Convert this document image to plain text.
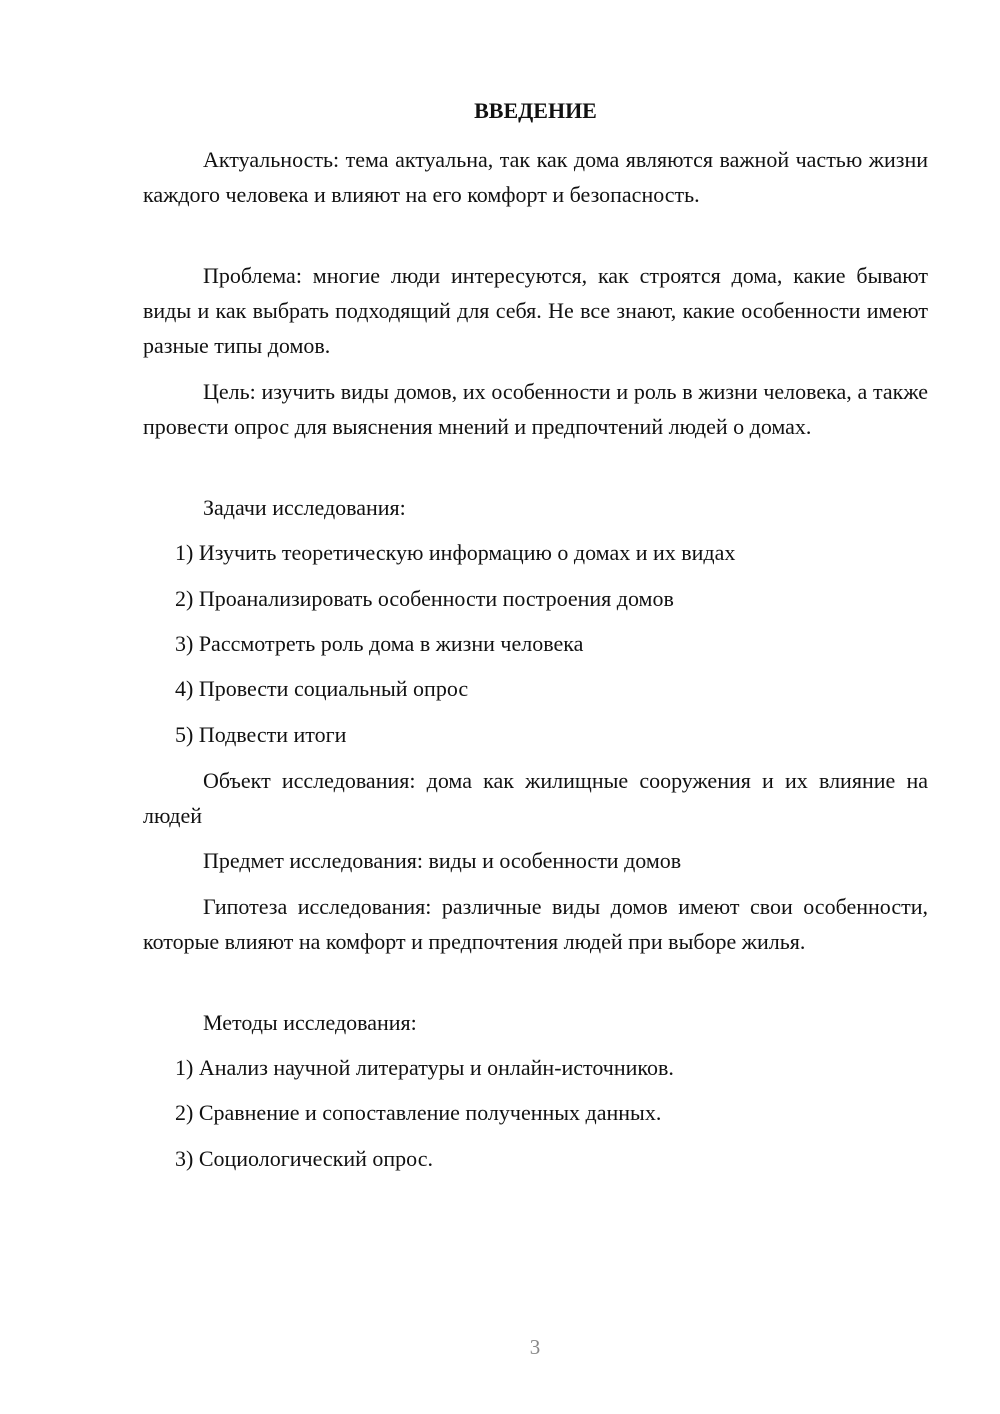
ВВЕДЕНИЕ

Актуальность: тема актуальна, так как дома являются важной частью жизни каждого человека и влияют на его комфорт и безопасность.

Проблема: многие люди интересуются, как строятся дома, какие бывают виды и как выбрать подходящий для себя. Не все знают, какие особенности имеют разные типы домов.

Цель: изучить виды домов, их особенности и роль в жизни человека, а также провести опрос для выяснения мнений и предпочтений людей о домах.

Задачи исследования:

1) Изучить теоретическую информацию о домах и их видах

2) Проанализировать особенности построения домов

3) Рассмотреть роль дома в жизни человека

4) Провести социальный опрос

5) Подвести итоги

Объект исследования: дома как жилищные сооружения и их влияние на людей

Предмет исследования: виды и особенности домов

Гипотеза исследования: различные виды домов имеют свои особенности, которые влияют на комфорт и предпочтения людей при выборе жилья.

Методы исследования:

1) Анализ научной литературы и онлайн-источников.

2) Сравнение и сопоставление полученных данных.

3) Социологический опрос.

3
